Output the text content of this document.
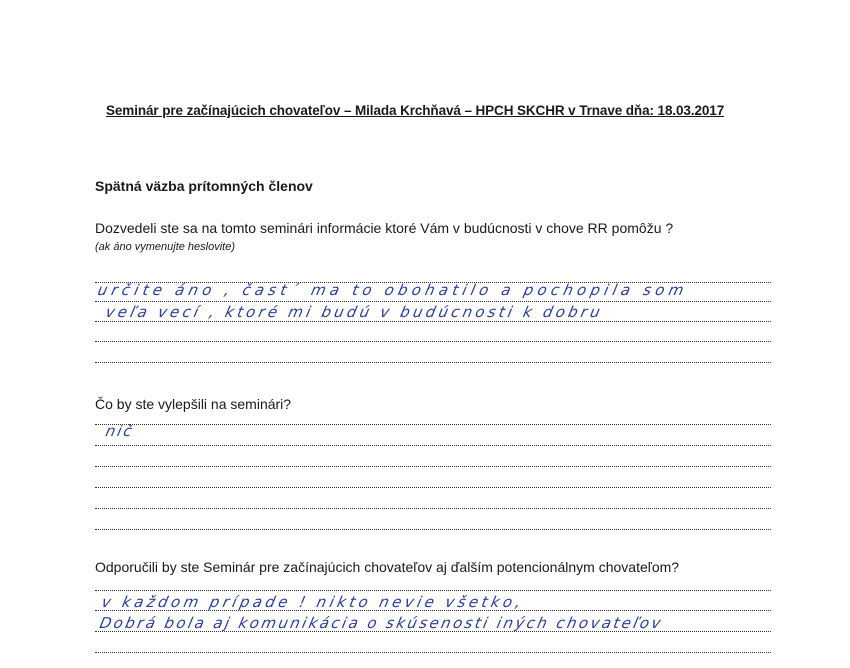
Seminár pre začínajúcich chovateľov – Milada Krchňavá – HPCH SKCHR v Trnave dňa: 18.03.2017
Spätná väzba prítomných členov
Dozvedeli ste sa na tomto seminári informácie ktoré Vám v budúcnosti v chove RR pomôžu ?
(ak áno vymenujte heslovite)
určite áno , čast´ ma to obohatilo a pochopila som
veľa vecí , ktoré mi budú v budúcnosti k dobru
Čo by ste vylepšili na seminári?
nič
Odporučili by ste Seminár pre začínajúcich chovateľov aj ďalším potencionálnym chovateľom?
v každom prípade ! nikto nevie všetko,
Dobrá bola aj komunikácia o skúsenosti iných chovateľov
